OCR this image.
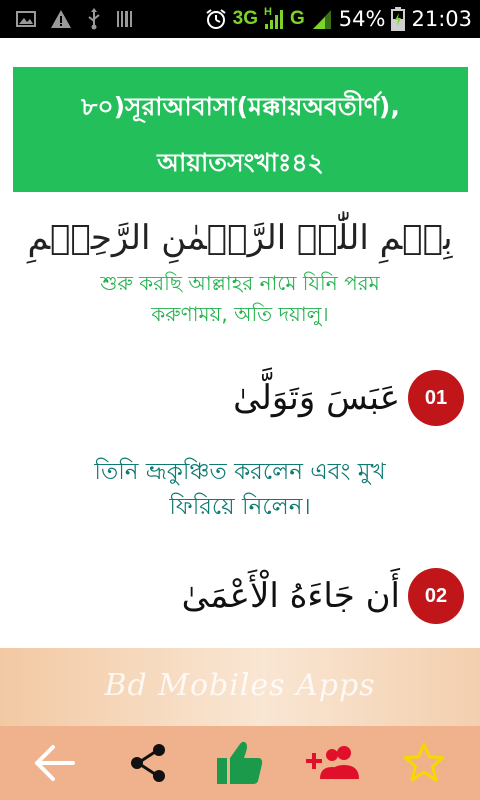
3G H G 54% 21:03
৮০)সূরাআবাসা(মক্কায়অবতীর্ণ),
আয়াতসংখাঃ৪২
بِسۡمِ اللّٰہِ الرَّحۡمٰنِ الرَّحِیۡمِ
শুরু করছি আল্লাহর নামে যিনি পরম
করুণাময়, অতি দয়ালু।
عَبَسَ وَتَوَلَّىٰ	01
তিনি ভ্রূকুঞ্চিত করলেন এবং মুখ
ফিরিয়ে নিলেন।
أَن جَاءَهُ الْأَعْمَىٰ	02
Bd Mobiles Apps
